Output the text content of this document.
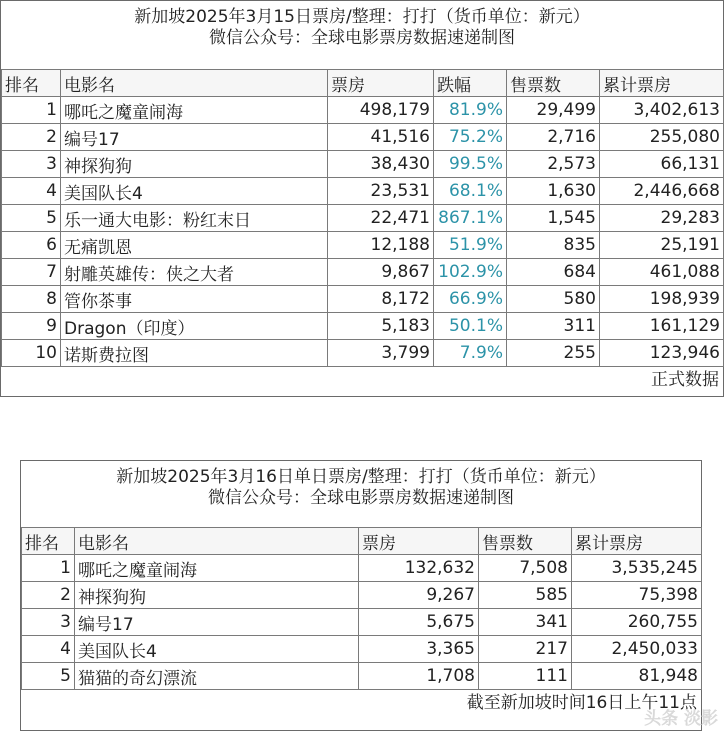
新加坡2025年3月15日票房/整理：打打（货币单位：新元）
微信公众号：全球电影票房数据速递制图
排名	电影名	票房	跌幅	售票数	累计票房
1	哪吒之魔童闹海	498,179	81.9%	29,499	3,402,613
2	编号17	41,516	75.2%	2,716	255,080
3	神探狗狗	38,430	99.5%	2,573	66,131
4	美国队长4	23,531	68.1%	1,630	2,446,668
5	乐一通大电影：粉红末日	22,471	867.1%	1,545	29,283
6	无痛凯恩	12,188	51.9%	835	25,191
7	射雕英雄传：侠之大者	9,867	102.9%	684	461,088
8	管你茶事	8,172	66.9%	580	198,939
9	Dragon（印度）	5,183	50.1%	311	161,129
10	诺斯费拉图	3,799	7.9%	255	123,946
正式数据
新加坡2025年3月16日单日票房/整理：打打（货币单位：新元）
微信公众号：全球电影票房数据速递制图
排名	电影名	票房	售票数	累计票房
1	哪吒之魔童闹海	132,632	7,508	3,535,245
2	神探狗狗	9,267	585	75,398
3	编号17	5,675	341	260,755
4	美国队长4	3,365	217	2,450,033
5	猫猫的奇幻漂流	1,708	111	81,948
截至新加坡时间16日上午11点
头条 淡影
